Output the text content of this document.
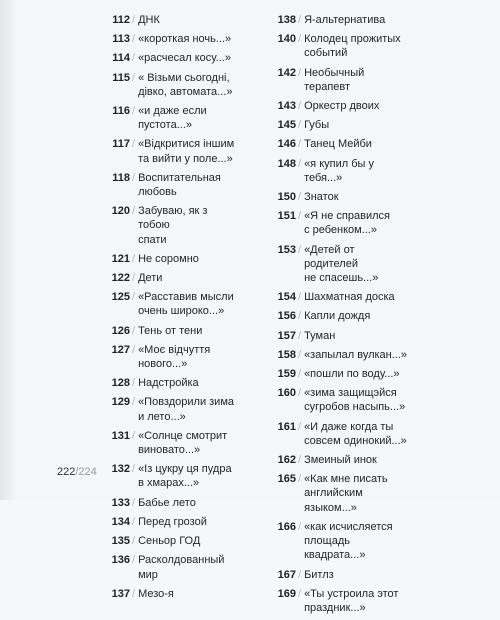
112 / ДНК
113 / «короткая ночь...»
114 / «расчесал косу...»
115 / « Візьми сьогодні,
дівко, автомата...»
116 / «и даже если пустота...»
117 / «Відкритися іншим
та вийти у поле...»
118 / Воспитательная
любовь
120 / Забуваю, як з тобою
спати
121 / Не соромно
122 / Дети
125 / «Расставив мысли
очень широко...»
126 / Тень от тени
127 / «Моє відчуття нового...»
128 / Надстройка
129 / «Повздорили зима
и лето...»
131 / «Солнце смотрит
виновато...»
132 / «Із цукру ця пудра
в хмарах...»
133 / Бабье лето
134 / Перед грозой
135 / Сеньор ГОД
136 / Расколдованный мир
137 / Мезо-я
138 / Я-альтернатива
140 / Колодец прожитых
событий
142 / Необычный терапевт
143 / Оркестр двоих
145 / Губы
146 / Танец Мейби
148 / «я купил бы у тебя...»
150 / Знаток
151 / «Я не справился
с ребенком...»
153 / «Детей от родителей
не спасешь...»
154 / Шахматная доска
156 / Капли дождя
157 / Туман
158 / «запылал вулкан...»
159 / «пошли по воду...»
160 / «зима защищэйся
сугробов насыпь...»
161 / «И даже когда ты
совсем одинокий...»
162 / Змеиный инок
165 / «Как мне писать
английским языком...»
166 / «как исчисляется
площадь квадрата...»
167 / Битлз
169 / «Ты устроила этот
праздник...»
222/224
